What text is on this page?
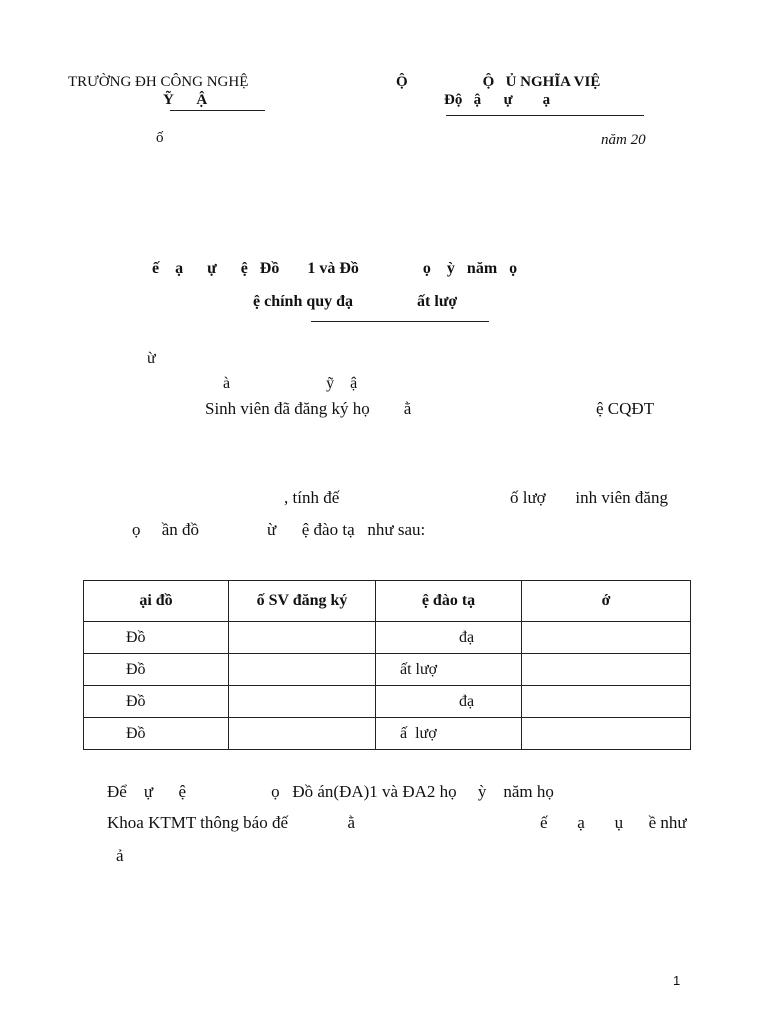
TRƯỜNG ĐH CÔNG NGHỆ
Ỹ      Ậ
Ộ                    Ộ   Ủ NGHĨA VIỆ
Độ   ậ      ự        ạ
ố	năm 20
ế    ạ      ự      ệ   Đồ       1 và Đồ                ọ    ỳ   năm   ọ
ệ chính quy đạ                ất lượ
ừ
à                        ỹ    ậ
Sinh viên đã đăng ký họ        ằ	ệ CQĐT
, tính đế	ố lượ       inh viên đăng
ọ     ần đồ                ừ      ệ đào tạ   như sau:
ại đồ	ố SV đăng ký	ệ đào tạ	ớ
Đồ		đạ	
Đồ		ất lượ	
Đồ		đạ	
Đồ		ấ  lượ	
Để    ự      ệ                    ọ   Đồ án(ĐA)1 và ĐA2 họ     ỳ    năm họ
Khoa KTMT thông báo đế              ằ	ế       ạ       ụ      ề như
ả
1
